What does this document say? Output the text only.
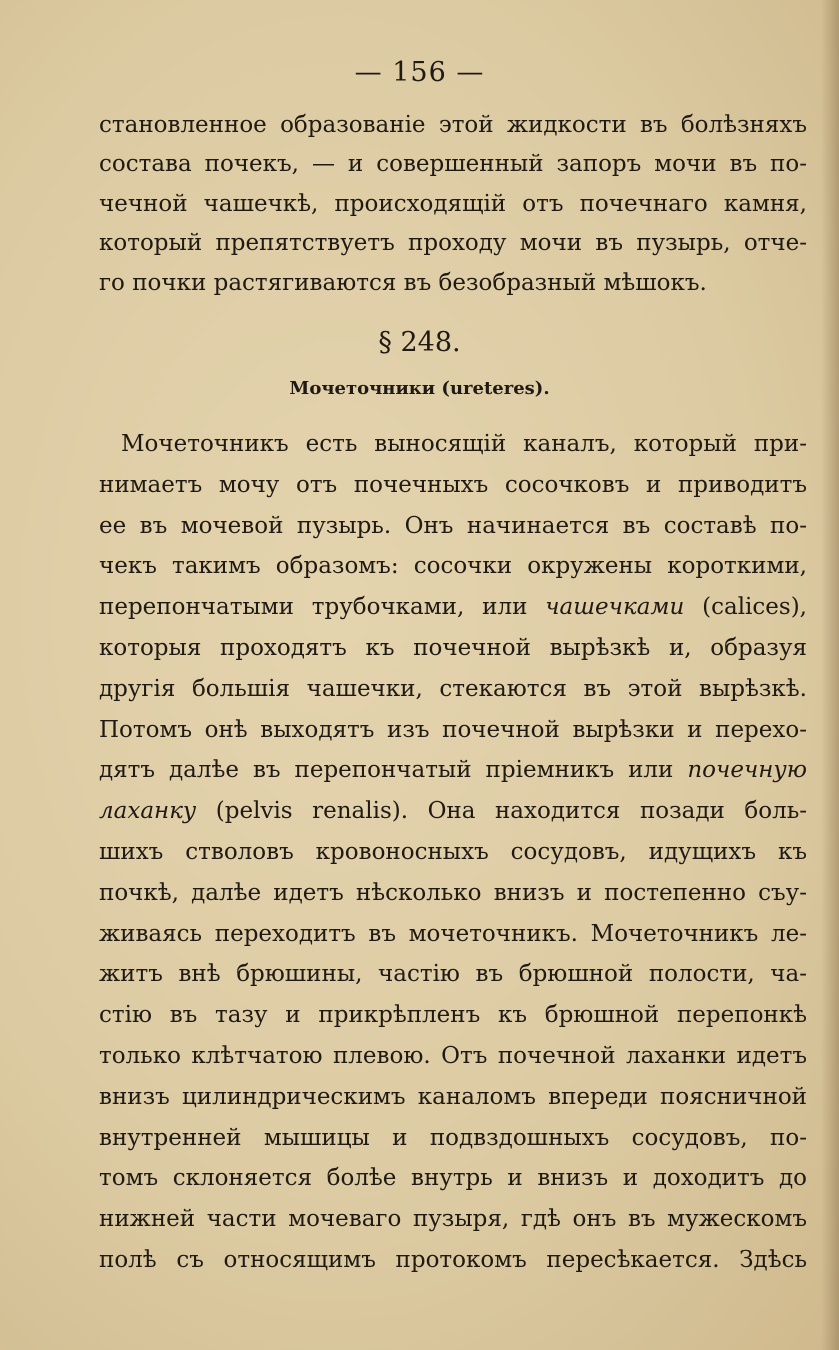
— 156 —
становленное образованіе этой жидкости въ болѣзняхъ
состава почекъ, — и совершенный запоръ мочи въ по-
чечной чашечкѣ, происходящій отъ почечнаго камня,
который препятствуетъ проходу мочи въ пузырь, отче-
го почки растягиваются въ безобразный мѣшокъ.
§ 248.
Мочеточники (ureteres).
Мочеточникъ есть выносящій каналъ, который при-
нимаетъ мочу отъ почечныхъ сосочковъ и приводитъ
ее въ мочевой пузырь. Онъ начинается въ составѣ по-
чекъ такимъ образомъ: сосочки окружены короткими,
перепончатыми трубочками, или чашечками (calices),
которыя проходятъ къ почечной вырѣзкѣ и, образуя
другія большія чашечки, стекаются въ этой вырѣзкѣ.
Потомъ онѣ выходятъ изъ почечной вырѣзки и перехо-
дятъ далѣе въ перепончатый пріемникъ или почечную
лаханку (pelvis renalis). Она находится позади боль-
шихъ стволовъ кровоносныхъ сосудовъ, идущихъ къ
почкѣ, далѣе идетъ нѣсколько внизъ и постепенно съу-
живаясь переходитъ въ мочеточникъ. Мочеточникъ ле-
житъ внѣ брюшины, частію въ брюшной полости, ча-
стію въ тазу и прикрѣпленъ къ брюшной перепонкѣ
только клѣтчатою плевою. Отъ почечной лаханки идетъ
внизъ цилиндрическимъ каналомъ впереди поясничной
внутренней мышицы и подвздошныхъ сосудовъ, по-
томъ склоняется болѣе внутрь и внизъ и доходитъ до
нижней части мочеваго пузыря, гдѣ онъ въ мужескомъ
полѣ съ относящимъ протокомъ пересѣкается. Здѣсь
